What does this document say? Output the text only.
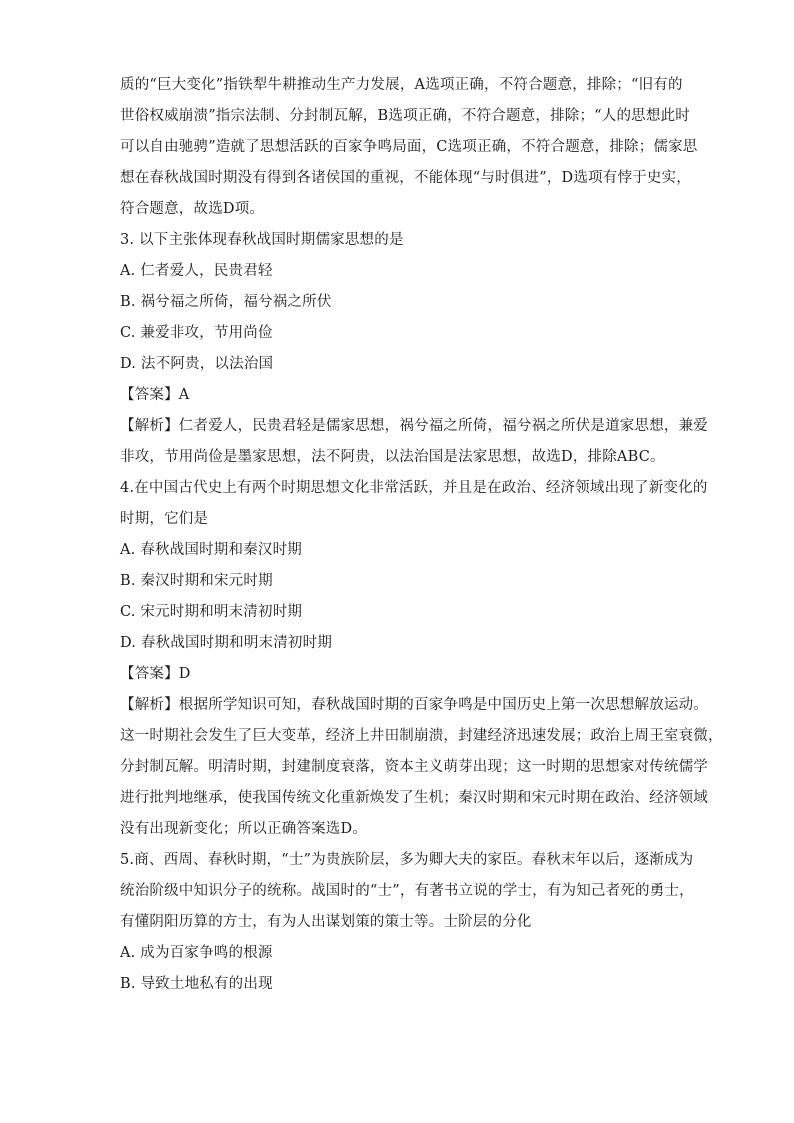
质的“巨大变化”指铁犁牛耕推动生产力发展，A选项正确，不符合题意，排除；“旧有的
世俗权威崩溃”指宗法制、分封制瓦解，B选项正确，不符合题意，排除；“人的思想此时
可以自由驰骋”造就了思想活跃的百家争鸣局面，C选项正确，不符合题意，排除；儒家思
想在春秋战国时期没有得到各诸侯国的重视，不能体现“与时俱进”，D选项有悖于史实，
符合题意，故选D项。
3. 以下主张体现春秋战国时期儒家思想的是
A. 仁者爱人，民贵君轻
B. 祸兮福之所倚，福兮祸之所伏
C. 兼爱非攻，节用尚俭
D. 法不阿贵，以法治国
【答案】A
【解析】仁者爱人，民贵君轻是儒家思想，祸兮福之所倚，福兮祸之所伏是道家思想，兼爱
非攻，节用尚俭是墨家思想，法不阿贵，以法治国是法家思想，故选D，排除ABC。
4.在中国古代史上有两个时期思想文化非常活跃，并且是在政治、经济领域出现了新变化的
时期，它们是
A. 春秋战国时期和秦汉时期
B. 秦汉时期和宋元时期
C. 宋元时期和明末清初时期
D. 春秋战国时期和明末清初时期
【答案】D
【解析】根据所学知识可知，春秋战国时期的百家争鸣是中国历史上第一次思想解放运动。
这一时期社会发生了巨大变革，经济上井田制崩溃，封建经济迅速发展；政治上周王室衰微，
分封制瓦解。明清时期，封建制度衰落，资本主义萌芽出现；这一时期的思想家对传统儒学
进行批判地继承，使我国传统文化重新焕发了生机；秦汉时期和宋元时期在政治、经济领域
没有出现新变化；所以正确答案选D。
5.商、西周、春秋时期，“士”为贵族阶层，多为卿大夫的家臣。春秋末年以后，逐渐成为
统治阶级中知识分子的统称。战国时的“士”，有著书立说的学士，有为知己者死的勇士，
有懂阴阳历算的方士，有为人出谋划策的策士等。士阶层的分化
A. 成为百家争鸣的根源
B. 导致土地私有的出现
